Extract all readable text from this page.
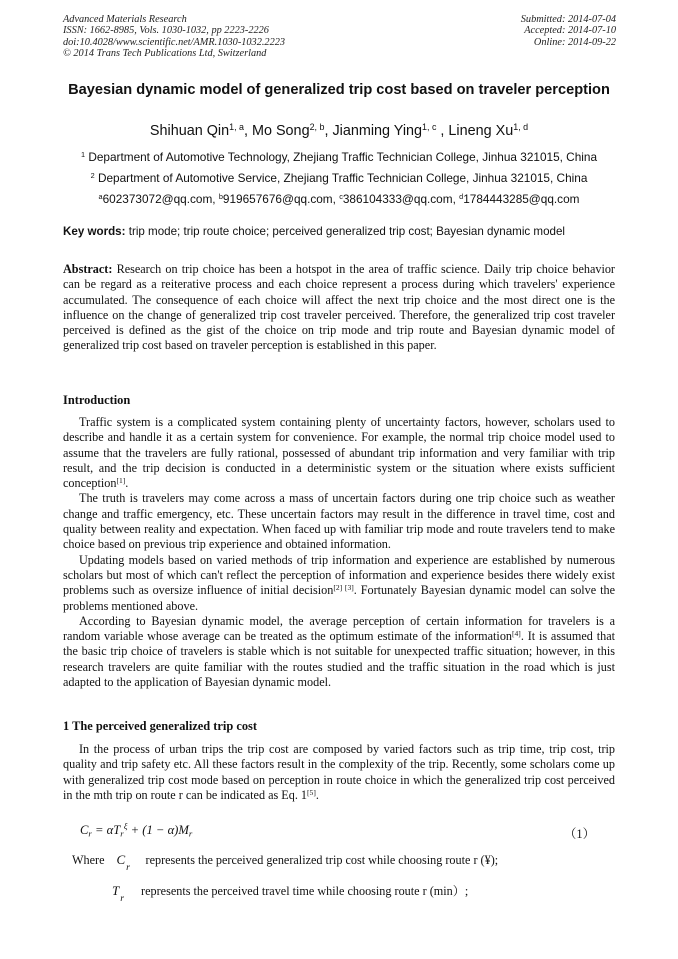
Advanced Materials Research
ISSN: 1662-8985, Vols. 1030-1032, pp 2223-2226
doi:10.4028/www.scientific.net/AMR.1030-1032.2223
© 2014 Trans Tech Publications Ltd, Switzerland
Submitted: 2014-07-04
Accepted: 2014-07-10
Online: 2014-09-22
Bayesian dynamic model of generalized trip cost based on traveler perception
Shihuan Qin$^{1, a}$, Mo Song$^{2, b}$, Jianming Ying$^{1, c}$ , Lineng Xu$^{1, d}$
$^1$ Department of Automotive Technology, Zhejiang Traffic Technician College, Jinhua 321015, China
$^2$ Department of Automotive Service, Zhejiang Traffic Technician College, Jinhua 321015, China
$^a$602373072@qq.com, $^b$919657676@qq.com, $^c$386104333@qq.com, $^d$1784443285@qq.com
Key words: trip mode; trip route choice; perceived generalized trip cost; Bayesian dynamic model

Abstract: Research on trip choice has been a hotspot in the area of traffic science. Daily trip choice behavior can be regard as a reiterative process and each choice represent a process during which travelers' experience accumulated. The consequence of each choice will affect the next trip choice and the most direct one is the influence on the change of generalized trip cost traveler perceived. Therefore, the generalized trip cost traveler perceived is defined as the gist of the choice on trip mode and trip route and Bayesian dynamic model of generalized trip cost based on traveler perception is established in this paper.

Introduction

Traffic system is a complicated system containing plenty of uncertainty factors, however, scholars used to describe and handle it as a certain system for convenience. For example, the normal trip choice model used to assume that the travelers are fully rational, possessed of abundant trip information and very familiar with trip result, and the trip decision is conducted in a deterministic system or the situation where exists sufficient conception[1].

The truth is travelers may come across a mass of uncertain factors during one trip choice such as weather change and traffic emergency, etc. These uncertain factors may result in the difference in travel time, cost and quality between reality and expectation. When faced up with familiar trip mode and route travelers tend to make choice based on previous trip experience and obtained information.

Updating models based on varied methods of trip information and experience are established by numerous scholars but most of which can't reflect the perception of information and experience besides there widely exist problems such as oversize influence of initial decision[2] [3]. Fortunately Bayesian dynamic model can solve the problems mentioned above.

According to Bayesian dynamic model, the average perception of certain information for travelers is a random variable whose average can be treated as the optimum estimate of the information[4]. It is assumed that the basic trip choice of travelers is stable which is not suitable for unexpected traffic situation; however, in this research travelers are quite familiar with the routes studied and the traffic situation in the road which is just adapted to the application of Bayesian dynamic model.

1 The perceived generalized trip cost

In the process of urban trips the trip cost are composed by varied factors such as trip time, trip cost, trip quality and trip safety etc. All these factors result in the complexity of the trip. Recently, some scholars come up with generalized trip cost mode based on perception in route choice in which the generalized trip cost perceived in the mth trip on route r can be indicated as Eq. 1[5].

$C_r = \alpha T_r^\xi + (1 - \alpha)M_r$	（1）
Where $C_r$ represents the perceived generalized trip cost while choosing route r (¥);
$T_r$ represents the perceived travel time while choosing route r (min）;
